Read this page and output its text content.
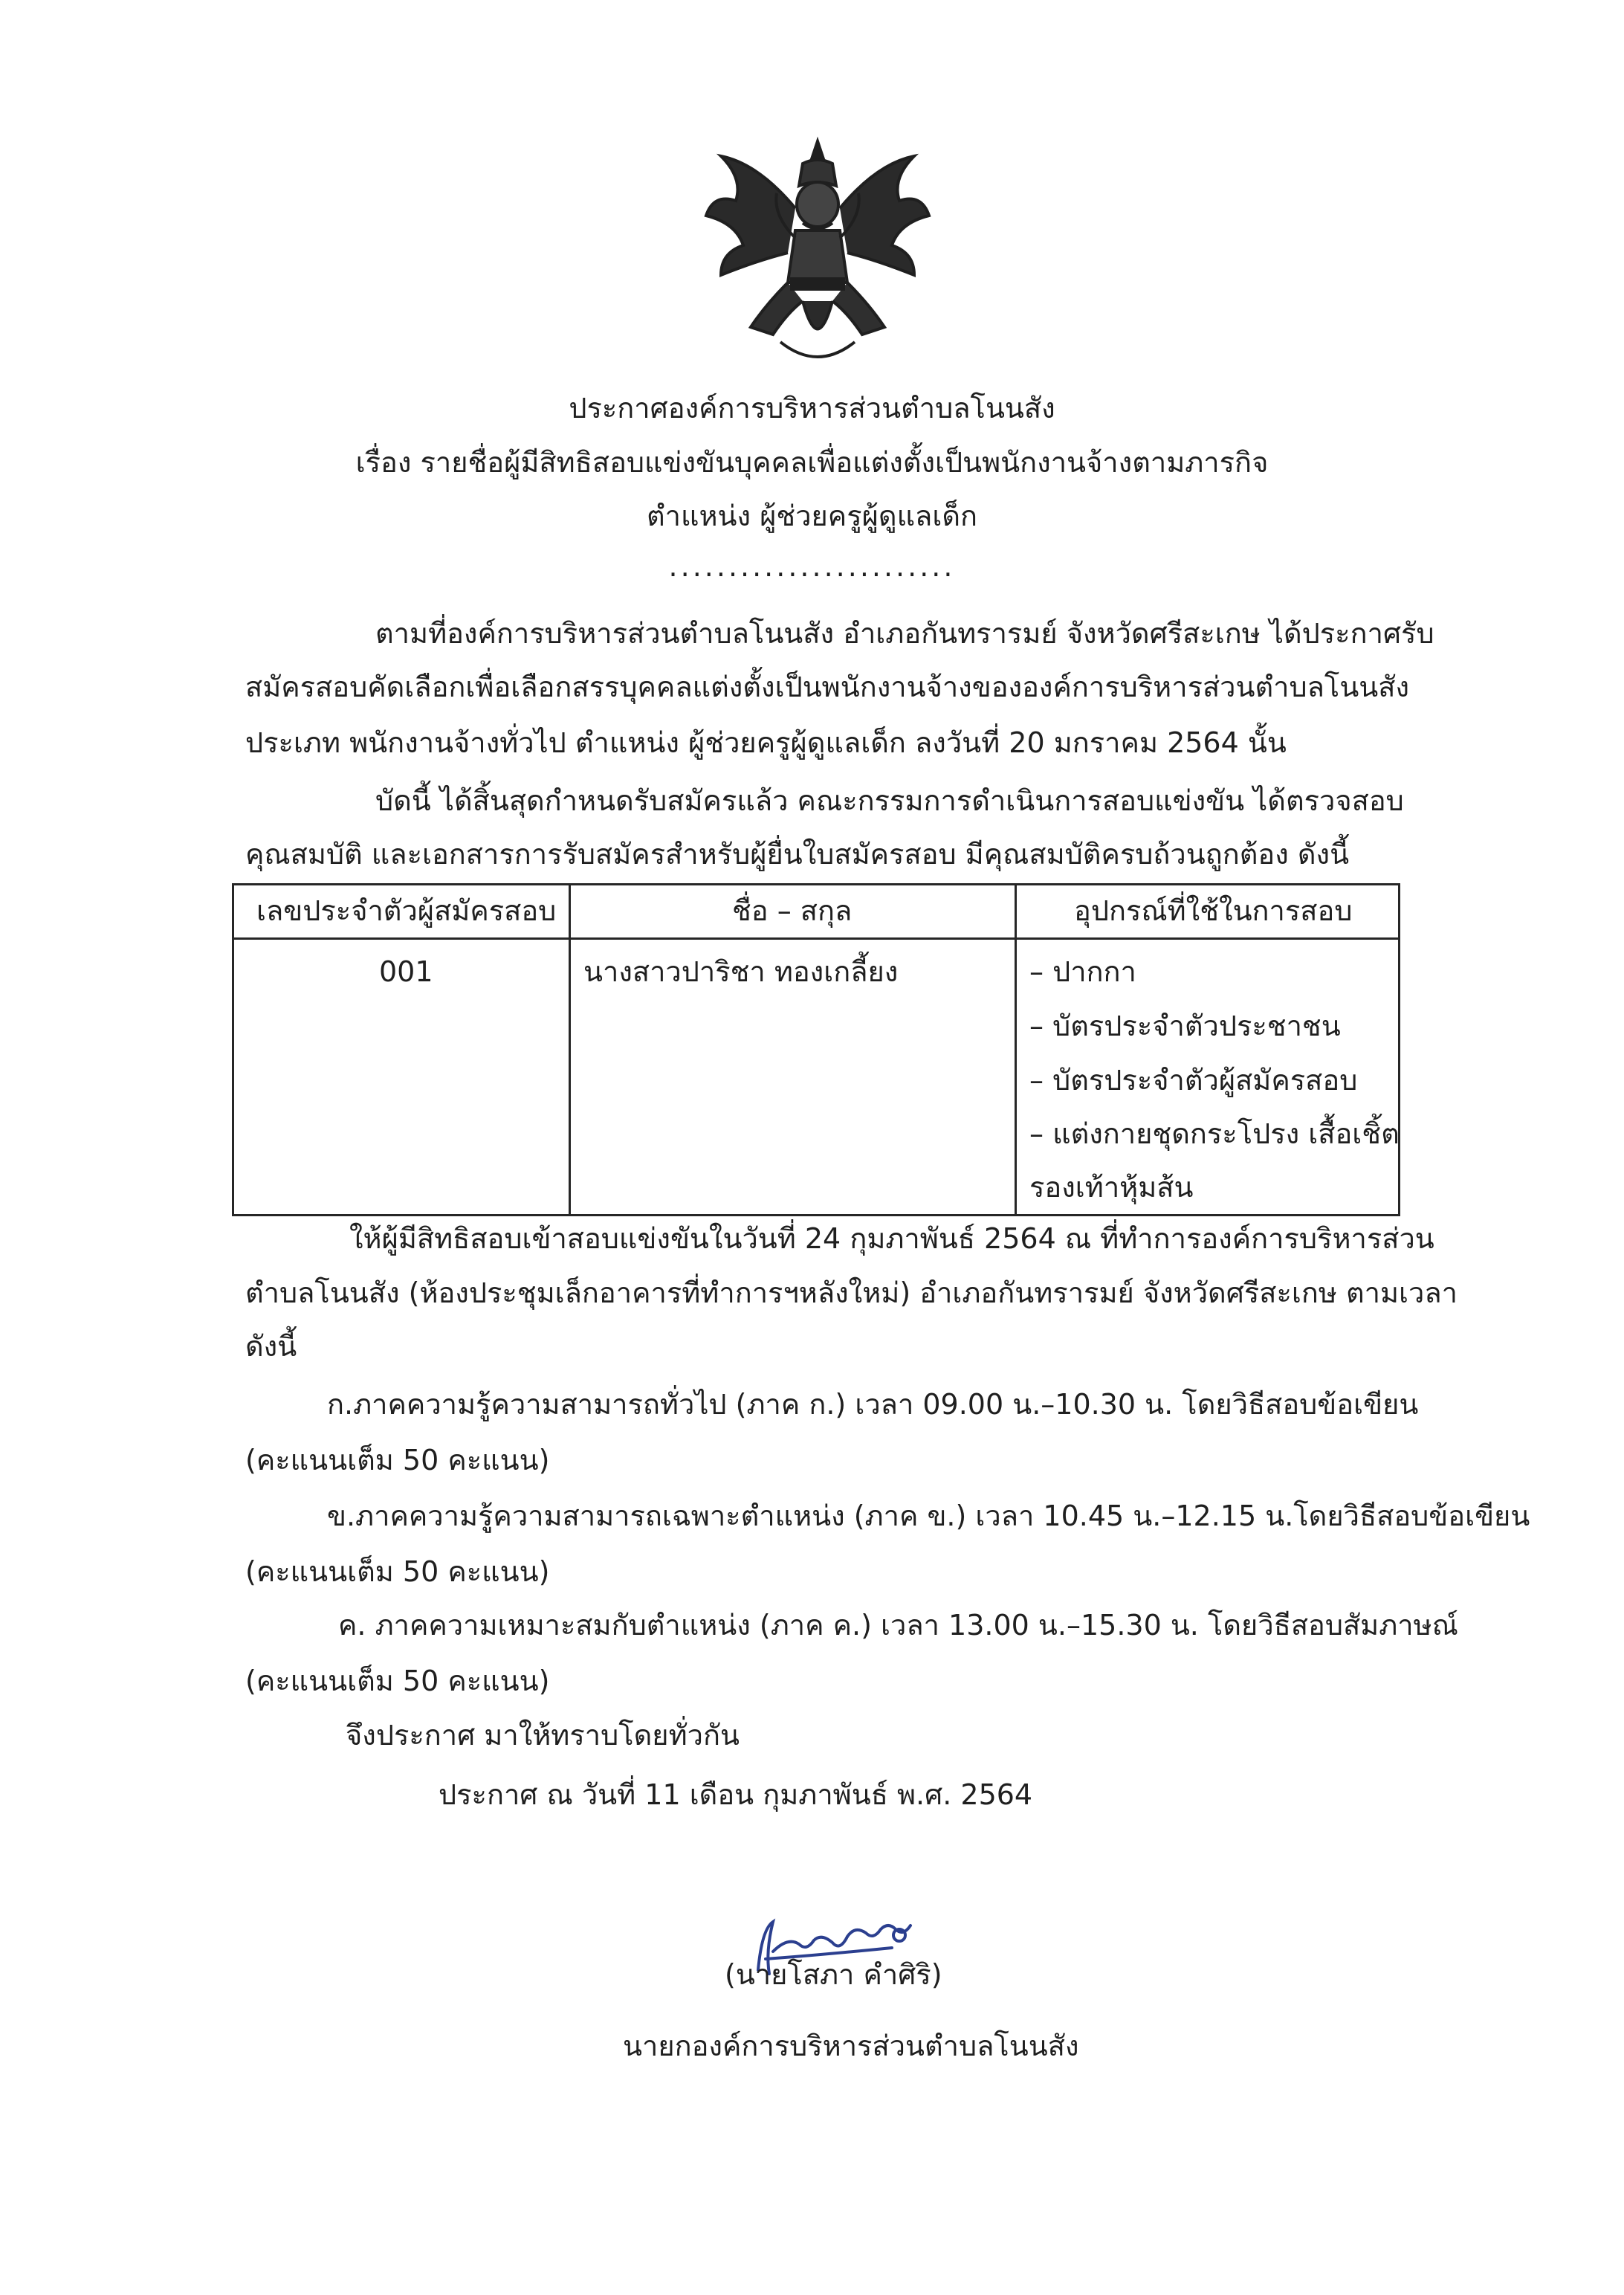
ประกาศองค์การบริหารส่วนตำบลโนนสัง
เรื่อง รายชื่อผู้มีสิทธิสอบแข่งขันบุคคลเพื่อแต่งตั้งเป็นพนักงานจ้างตามภารกิจ
ตำแหน่ง ผู้ช่วยครูผู้ดูแลเด็ก
........................
ตามที่องค์การบริหารส่วนตำบลโนนสัง อำเภอกันทรารมย์ จังหวัดศรีสะเกษ ได้ประกาศรับ
สมัครสอบคัดเลือกเพื่อเลือกสรรบุคคลแต่งตั้งเป็นพนักงานจ้างขององค์การบริหารส่วนตำบลโนนสัง
ประเภท พนักงานจ้างทั่วไป ตำแหน่ง ผู้ช่วยครูผู้ดูแลเด็ก ลงวันที่ 20 มกราคม 2564 นั้น
บัดนี้ ได้สิ้นสุดกำหนดรับสมัครแล้ว คณะกรรมการดำเนินการสอบแข่งขัน ได้ตรวจสอบ
คุณสมบัติ และเอกสารการรับสมัครสำหรับผู้ยื่นใบสมัครสอบ มีคุณสมบัติครบถ้วนถูกต้อง ดังนี้
เลขประจำตัวผู้สมัครสอบ	ชื่อ – สกุล	อุปกรณ์ที่ใช้ในการสอบ
001	นางสาวปาริชา ทองเกลี้ยง	– ปากกา
– บัตรประจำตัวประชาชน
– บัตรประจำตัวผู้สมัครสอบ
– แต่งกายชุดกระโปรง เสื้อเชิ้ต
รองเท้าหุ้มส้น
ให้ผู้มีสิทธิสอบเข้าสอบแข่งขันในวันที่ 24 กุมภาพันธ์ 2564 ณ ที่ทำการองค์การบริหารส่วน
ตำบลโนนสัง (ห้องประชุมเล็กอาคารที่ทำการฯหลังใหม่) อำเภอกันทรารมย์ จังหวัดศรีสะเกษ ตามเวลา
ดังนี้
ก.ภาคความรู้ความสามารถทั่วไป (ภาค ก.) เวลา 09.00 น.–10.30 น. โดยวิธีสอบข้อเขียน
(คะแนนเต็ม 50 คะแนน)
ข.ภาคความรู้ความสามารถเฉพาะตำแหน่ง (ภาค ข.) เวลา 10.45 น.–12.15 น.โดยวิธีสอบข้อเขียน
(คะแนนเต็ม 50 คะแนน)
ค. ภาคความเหมาะสมกับตำแหน่ง (ภาค ค.) เวลา 13.00 น.–15.30 น. โดยวิธีสอบสัมภาษณ์
(คะแนนเต็ม 50 คะแนน)
จึงประกาศ มาให้ทราบโดยทั่วกัน
ประกาศ ณ วันที่ 11 เดือน กุมภาพันธ์ พ.ศ. 2564
(นายโสภา คำศิริ)
นายกองค์การบริหารส่วนตำบลโนนสัง
